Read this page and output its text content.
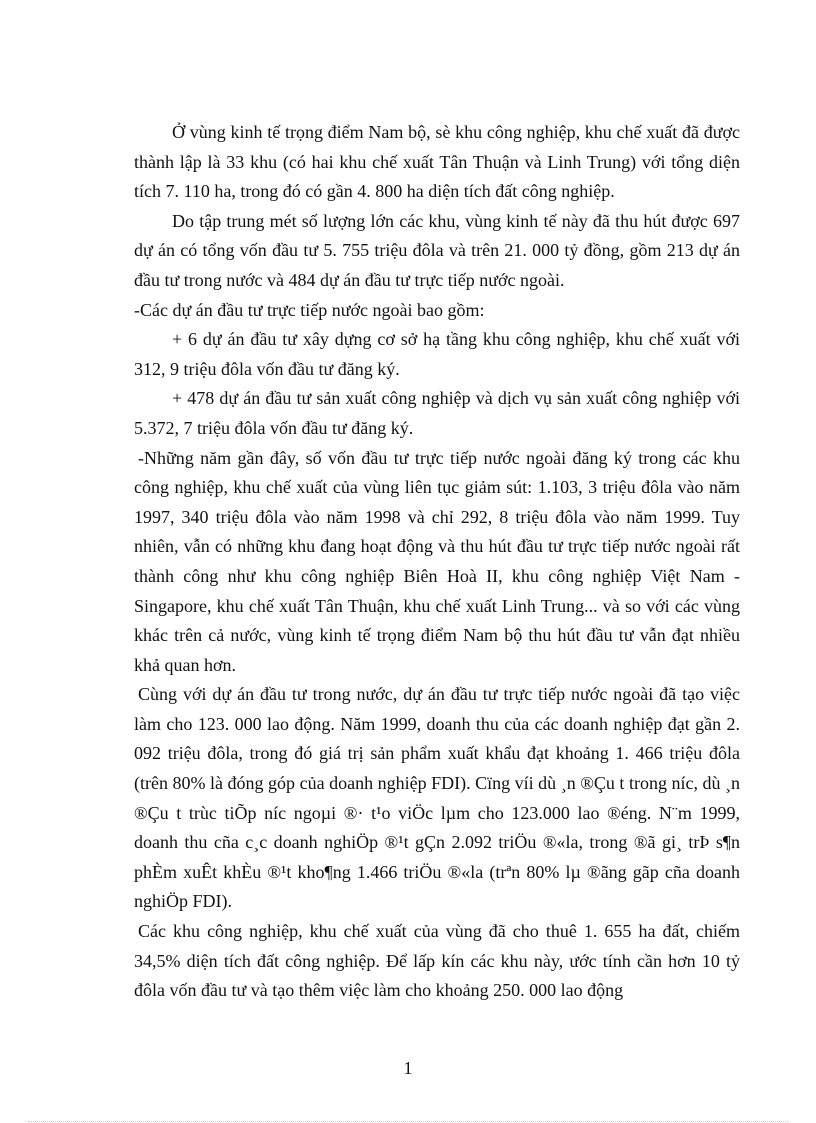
Ở vùng kinh tế trọng điểm Nam bộ, sè khu công nghiệp, khu chế xuất đã được thành lập là 33 khu (có hai khu chế xuất Tân Thuận và Linh Trung) với tổng diện tích 7. 110 ha, trong đó có gần 4. 800 ha diện tích đất công nghiệp.

Do tập trung mét số lượng lớn các khu, vùng kinh tế này đã thu hút được 697 dự án có tổng vốn đầu tư 5. 755 triệu đôla và trên 21. 000 tỷ đồng, gồm 213 dự án đầu tư trong nước và 484 dự án đầu tư trực tiếp nước ngoài.

-Các dự án đầu tư trực tiếp nước ngoài bao gồm:

+ 6 dự án đầu tư xây dựng cơ sở hạ tầng khu công nghiệp, khu chế xuất với 312, 9 triệu đôla vốn đầu tư đăng ký.

+ 478 dự án đầu tư sản xuất công nghiệp và dịch vụ sản xuất công nghiệp với 5.372, 7 triệu đôla vốn đầu tư đăng ký.

-Những năm gần đây, số vốn đầu tư trực tiếp nước ngoài đăng ký trong các khu công nghiệp, khu chế xuất của vùng liên tục giảm sút: 1.103, 3 triệu đôla vào năm 1997, 340 triệu đôla vào năm 1998 và chỉ 292, 8 triệu đôla vào năm 1999. Tuy nhiên, vẫn có những khu đang hoạt động và thu hút đầu tư trực tiếp nước ngoài rất thành công như khu công nghiệp Biên Hoà II, khu công nghiệp Việt Nam - Singapore, khu chế xuất Tân Thuận, khu chế xuất Linh Trung... và so với các vùng khác trên cả nước, vùng kinh tế trọng điểm Nam bộ thu hút đầu tư vẫn đạt nhiều khả quan hơn.

Cùng với dự án đầu tư trong nước, dự án đầu tư trực tiếp nước ngoài đã tạo việc làm cho 123. 000 lao động. Năm 1999, doanh thu của các doanh nghiệp đạt gần 2. 092 triệu đôla, trong đó giá trị sản phẩm xuất khẩu đạt khoảng 1. 466 triệu đôla (trên 80% là đóng góp của doanh nghiệp FDI). Cïng víi dù ¸n ®Çu t trong níc, dù ¸n ®Çu t trùc tiÕp níc ngoµi ®· t¹o viÖc lµm cho 123.000 lao ®éng. N¨m 1999, doanh thu cña c¸c doanh nghiÖp ®¹t gÇn 2.092 triÖu ®«la, trong ®ã gi¸ trÞ s¶n phÈm xuÊt khÈu ®¹t kho¶ng 1.466 triÖu ®«la (trªn 80% lµ ®ãng gãp cña doanh nghiÖp FDI).

Các khu công nghiệp, khu chế xuất của vùng đã cho thuê 1. 655 ha đất, chiếm 34,5% diện tích đất công nghiệp. Để lấp kín các khu này, ước tính cần hơn 10 tỷ đôla vốn đầu tư và tạo thêm việc làm cho khoảng 250. 000 lao động

1
